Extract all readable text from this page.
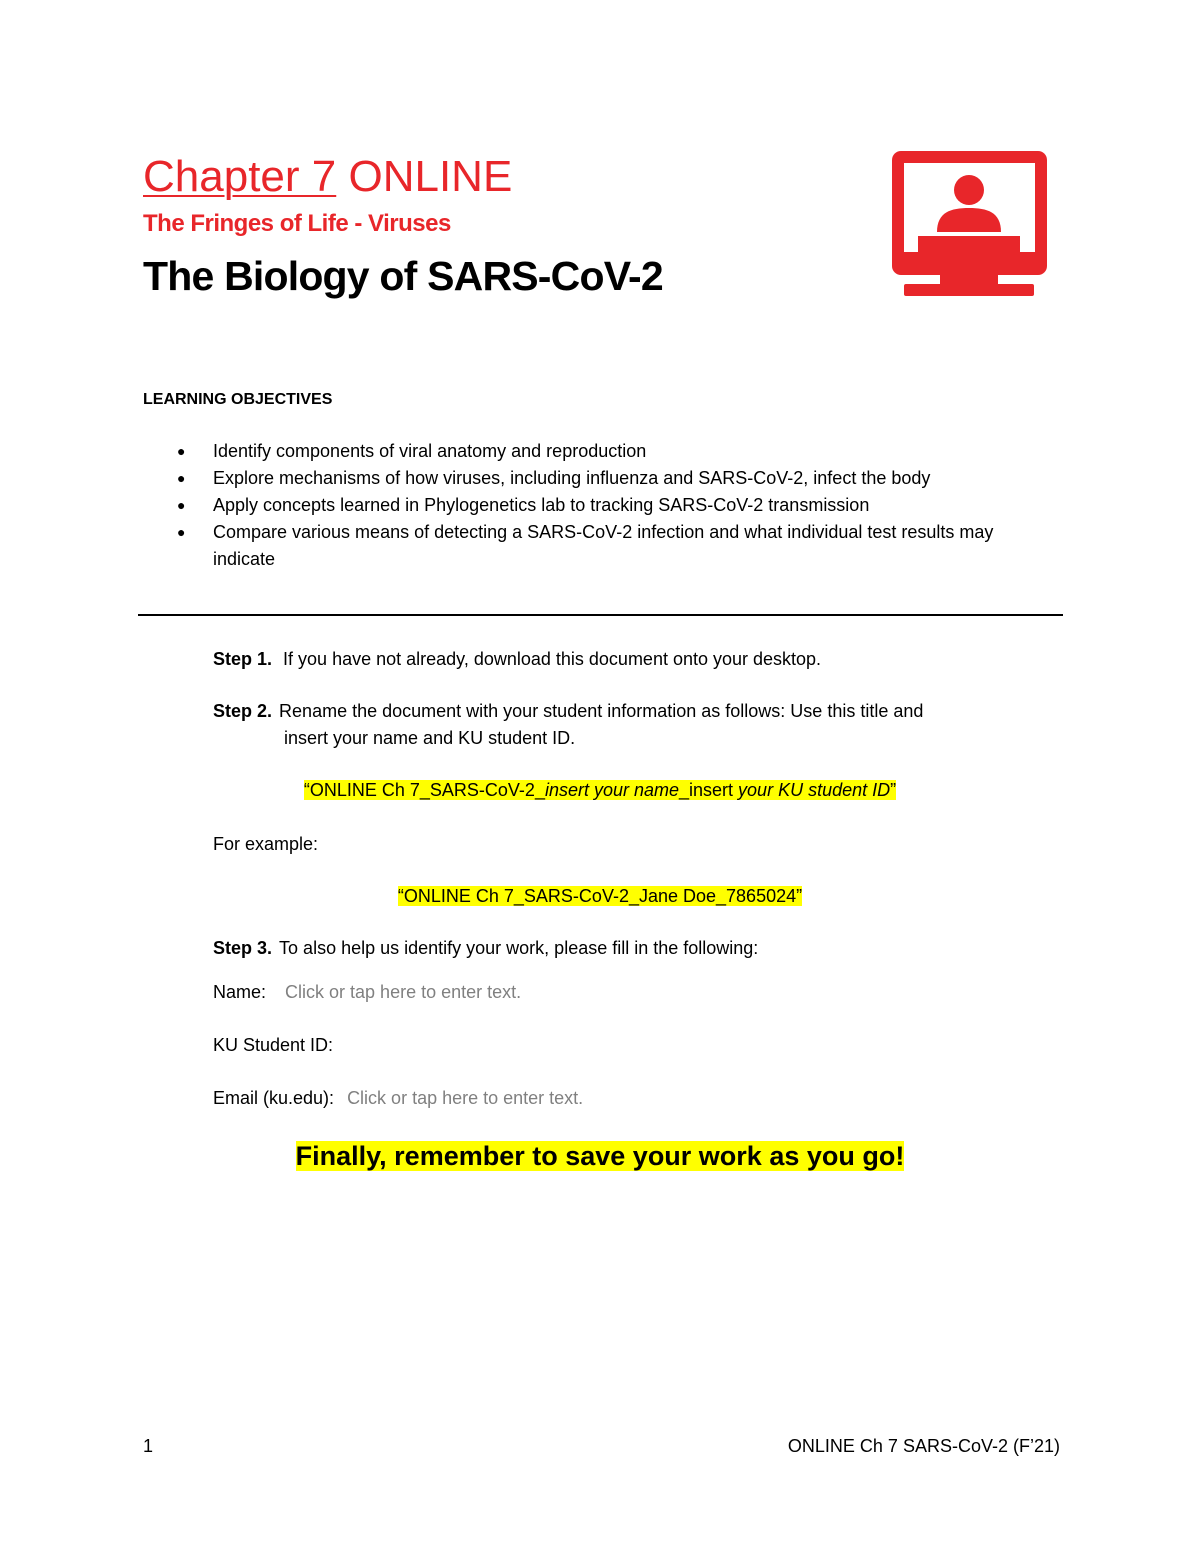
Chapter 7 ONLINE
The Fringes of Life - Viruses
The Biology of SARS-CoV-2
LEARNING OBJECTIVES
● Identify components of viral anatomy and reproduction
● Explore mechanisms of how viruses, including influenza and SARS-CoV-2, infect the body
● Apply concepts learned in Phylogenetics lab to tracking SARS-CoV-2 transmission
● Compare various means of detecting a SARS-CoV-2 infection and what individual test results may indicate
Step 1. If you have not already, download this document onto your desktop.
Step 2. Rename the document with your student information as follows: Use this title and
insert your name and KU student ID.
“ONLINE Ch 7_SARS-CoV-2_insert your name_insert your KU student ID”
For example:
“ONLINE Ch 7_SARS-CoV-2_Jane Doe_7865024”
Step 3. To also help us identify your work, please fill in the following:
Name: Click or tap here to enter text.
KU Student ID:
Email (ku.edu): Click or tap here to enter text.
Finally, remember to save your work as you go!
1	ONLINE Ch 7 SARS-CoV-2 (F’21)
